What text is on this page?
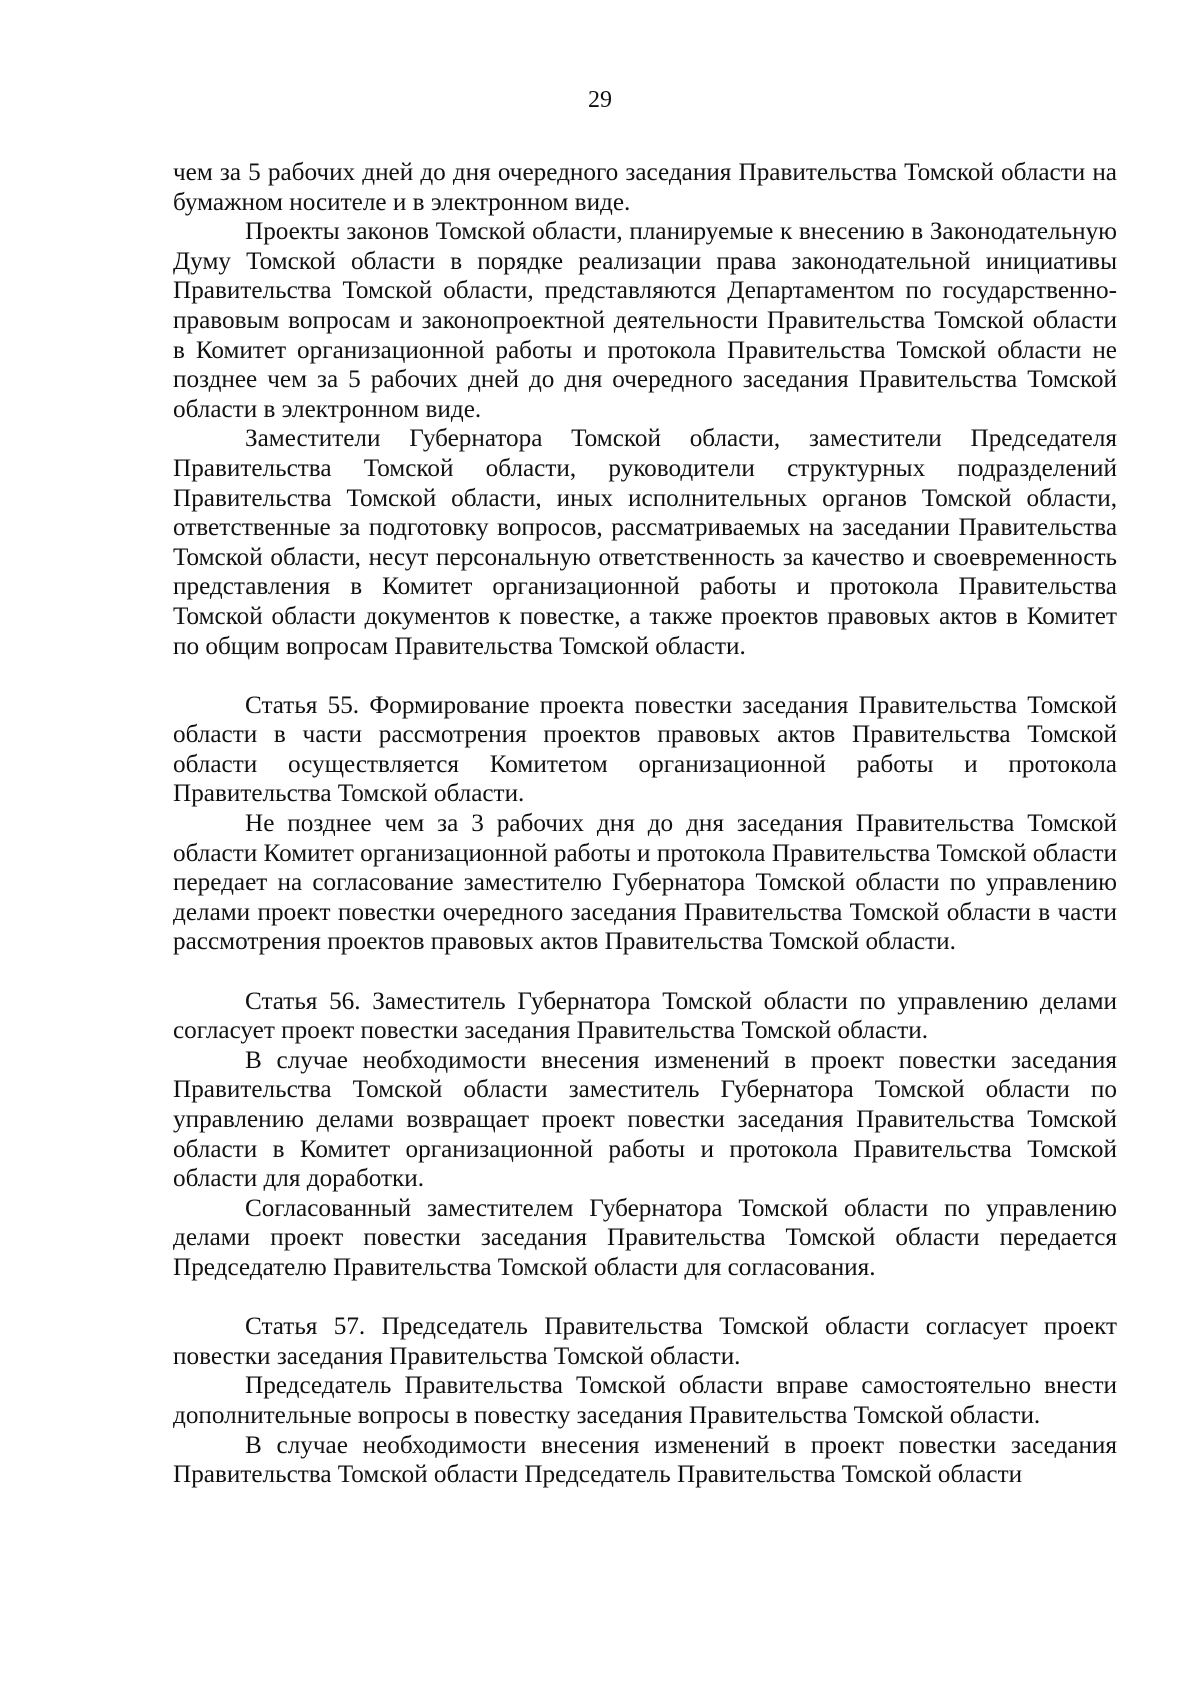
29

чем за 5 рабочих дней до дня очередного заседания Правительства Томской области на бумажном носителе и в электронном виде.

Проекты законов Томской области, планируемые к внесению в Законодательную Думу Томской области в порядке реализации права законодательной инициативы Правительства Томской области, представляются Департаментом по государственно-правовым вопросам и законопроектной деятельности Правительства Томской области в Комитет организационной работы и протокола Правительства Томской области не позднее чем за 5 рабочих дней до дня очередного заседания Правительства Томской области в электронном виде.

Заместители Губернатора Томской области, заместители Председателя Правительства Томской области, руководители структурных подразделений Правительства Томской области, иных исполнительных органов Томской области, ответственные за подготовку вопросов, рассматриваемых на заседании Правительства Томской области, несут персональную ответственность за качество и своевременность представления в Комитет организационной работы и протокола Правительства Томской области документов к повестке, а также проектов правовых актов в Комитет по общим вопросам Правительства Томской области.

Статья 55. Формирование проекта повестки заседания Правительства Томской области в части рассмотрения проектов правовых актов Правительства Томской области осуществляется Комитетом организационной работы и протокола Правительства Томской области.

Не позднее чем за 3 рабочих дня до дня заседания Правительства Томской области Комитет организационной работы и протокола Правительства Томской области передает на согласование заместителю Губернатора Томской области по управлению делами проект повестки очередного заседания Правительства Томской области в части рассмотрения проектов правовых актов Правительства Томской области.

Статья 56. Заместитель Губернатора Томской области по управлению делами согласует проект повестки заседания Правительства Томской области.

В случае необходимости внесения изменений в проект повестки заседания Правительства Томской области заместитель Губернатора Томской области по управлению делами возвращает проект повестки заседания Правительства Томской области в Комитет организационной работы и протокола Правительства Томской области для доработки.

Согласованный заместителем Губернатора Томской области по управлению делами проект повестки заседания Правительства Томской области передается Председателю Правительства Томской области для согласования.

Статья 57. Председатель Правительства Томской области согласует проект повестки заседания Правительства Томской области.

Председатель Правительства Томской области вправе самостоятельно внести дополнительные вопросы в повестку заседания Правительства Томской области.

В случае необходимости внесения изменений в проект повестки заседания Правительства Томской области Председатель Правительства Томской области
